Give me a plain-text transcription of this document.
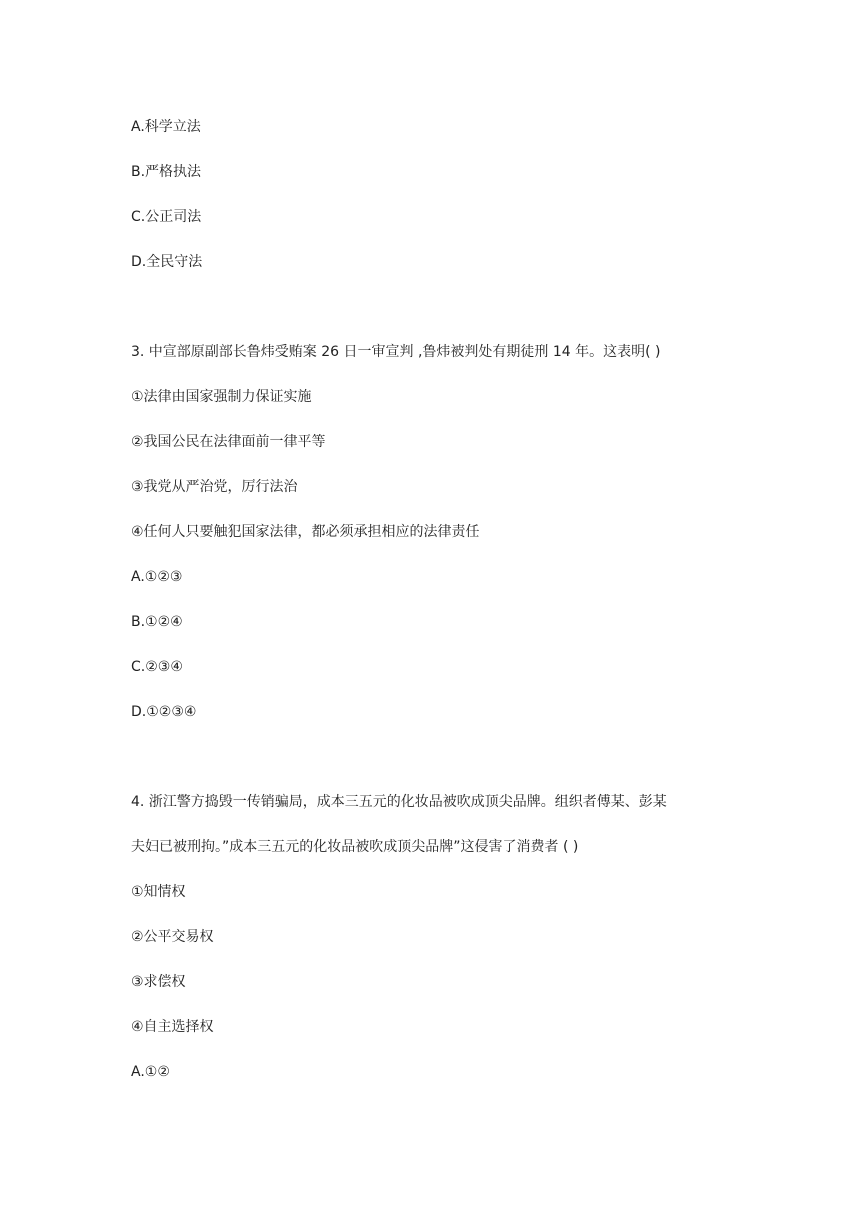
A.科学立法
B.严格执法
C.公正司法
D.全民守法
3. 中宣部原副部长鲁炜受贿案 26 日一审宣判 ,鲁炜被判处有期徒刑 14 年。这表明( )
①法律由国家强制力保证实施
②我国公民在法律面前一律平等
③我党从严治党，厉行法治
④任何人只要触犯国家法律，都必须承担相应的法律责任
A.①②③
B.①②④
C.②③④
D.①②③④
4. 浙江警方捣毁一传销骗局，成本三五元的化妆品被吹成顶尖品牌。组织者傅某、彭某
夫妇已被刑拘。”成本三五元的化妆品被吹成顶尖品牌”这侵害了消费者 ( )
①知情权
②公平交易权
③求偿权
④自主选择权
A.①②
